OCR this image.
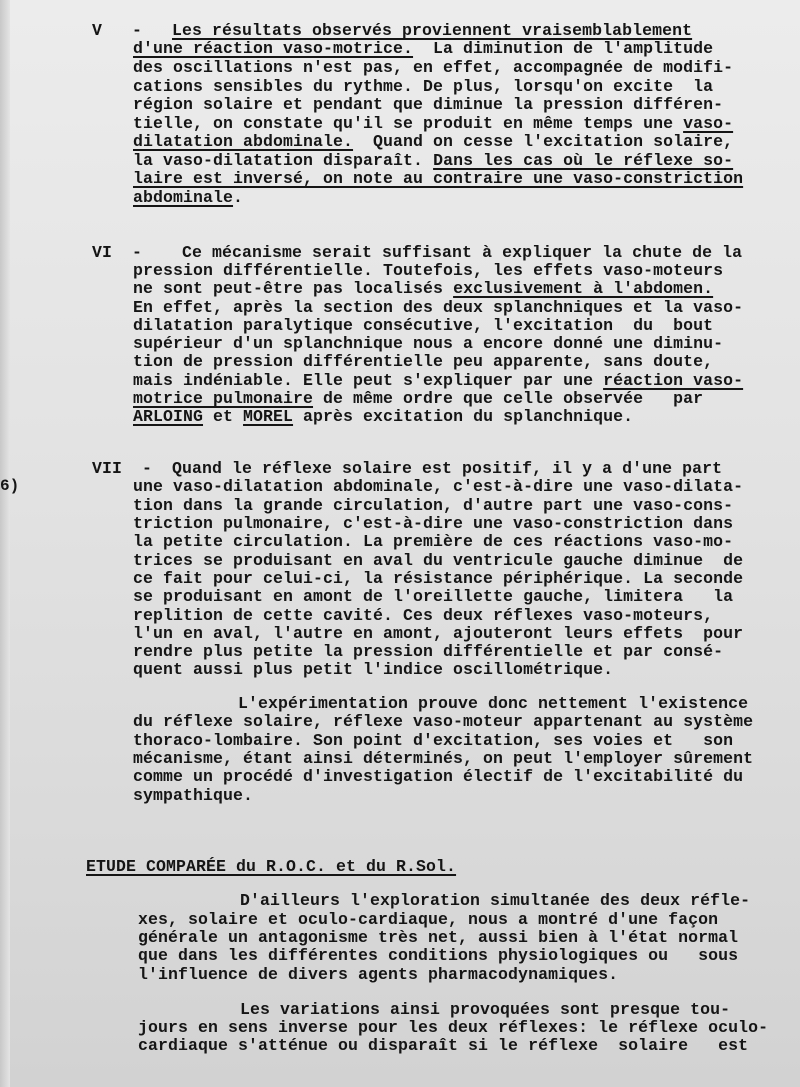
6)
V   -   Les résultats observés proviennent vraisemblablement
d'une réaction vaso-motrice.  La diminution de l'amplitude
des oscillations n'est pas, en effet, accompagnée de modifi-
cations sensibles du rythme. De plus, lorsqu'on excite  la
région solaire et pendant que diminue la pression différen-
tielle, on constate qu'il se produit en même temps une vaso-
dilatation abdominale.  Quand on cesse l'excitation solaire,
la vaso-dilatation disparaît. Dans les cas où le réflexe so-
laire est inversé, on note au contraire une vaso-constriction
abdominale.
VI  -    Ce mécanisme serait suffisant à expliquer la chute de la
pression différentielle. Toutefois, les effets vaso-moteurs
ne sont peut-être pas localisés exclusivement à l'abdomen.
En effet, après la section des deux splanchniques et la vaso-
dilatation paralytique consécutive, l'excitation  du  bout
supérieur d'un splanchnique nous a encore donné une diminu-
tion de pression différentielle peu apparente, sans doute,
mais indéniable. Elle peut s'expliquer par une réaction vaso-
motrice pulmonaire de même ordre que celle observée   par
ARLOING et MOREL après excitation du splanchnique.
VII  -  Quand le réflexe solaire est positif, il y a d'une part
une vaso-dilatation abdominale, c'est-à-dire une vaso-dilata-
tion dans la grande circulation, d'autre part une vaso-cons-
triction pulmonaire, c'est-à-dire une vaso-constriction dans
la petite circulation. La première de ces réactions vaso-mo-
trices se produisant en aval du ventricule gauche diminue  de
ce fait pour celui-ci, la résistance périphérique. La seconde
se produisant en amont de l'oreillette gauche, limitera   la
replition de cette cavité. Ces deux réflexes vaso-moteurs,
l'un en aval, l'autre en amont, ajouteront leurs effets  pour
rendre plus petite la pression différentielle et par consé-
quent aussi plus petit l'indice oscillométrique.
L'expérimentation prouve donc nettement l'existence
du réflexe solaire, réflexe vaso-moteur appartenant au système
thoraco-lombaire. Son point d'excitation, ses voies et   son
mécanisme, étant ainsi déterminés, on peut l'employer sûrement
comme un procédé d'investigation électif de l'excitabilité du
sympathique.
ETUDE COMPARÉE du R.O.C. et du R.Sol.
D'ailleurs l'exploration simultanée des deux réfle-
xes, solaire et oculo-cardiaque, nous a montré d'une façon
générale un antagonisme très net, aussi bien à l'état normal
que dans les différentes conditions physiologiques ou   sous
l'influence de divers agents pharmacodynamiques.
Les variations ainsi provoquées sont presque tou-
jours en sens inverse pour les deux réflexes: le réflexe oculo-
cardiaque s'atténue ou disparaît si le réflexe  solaire   est
